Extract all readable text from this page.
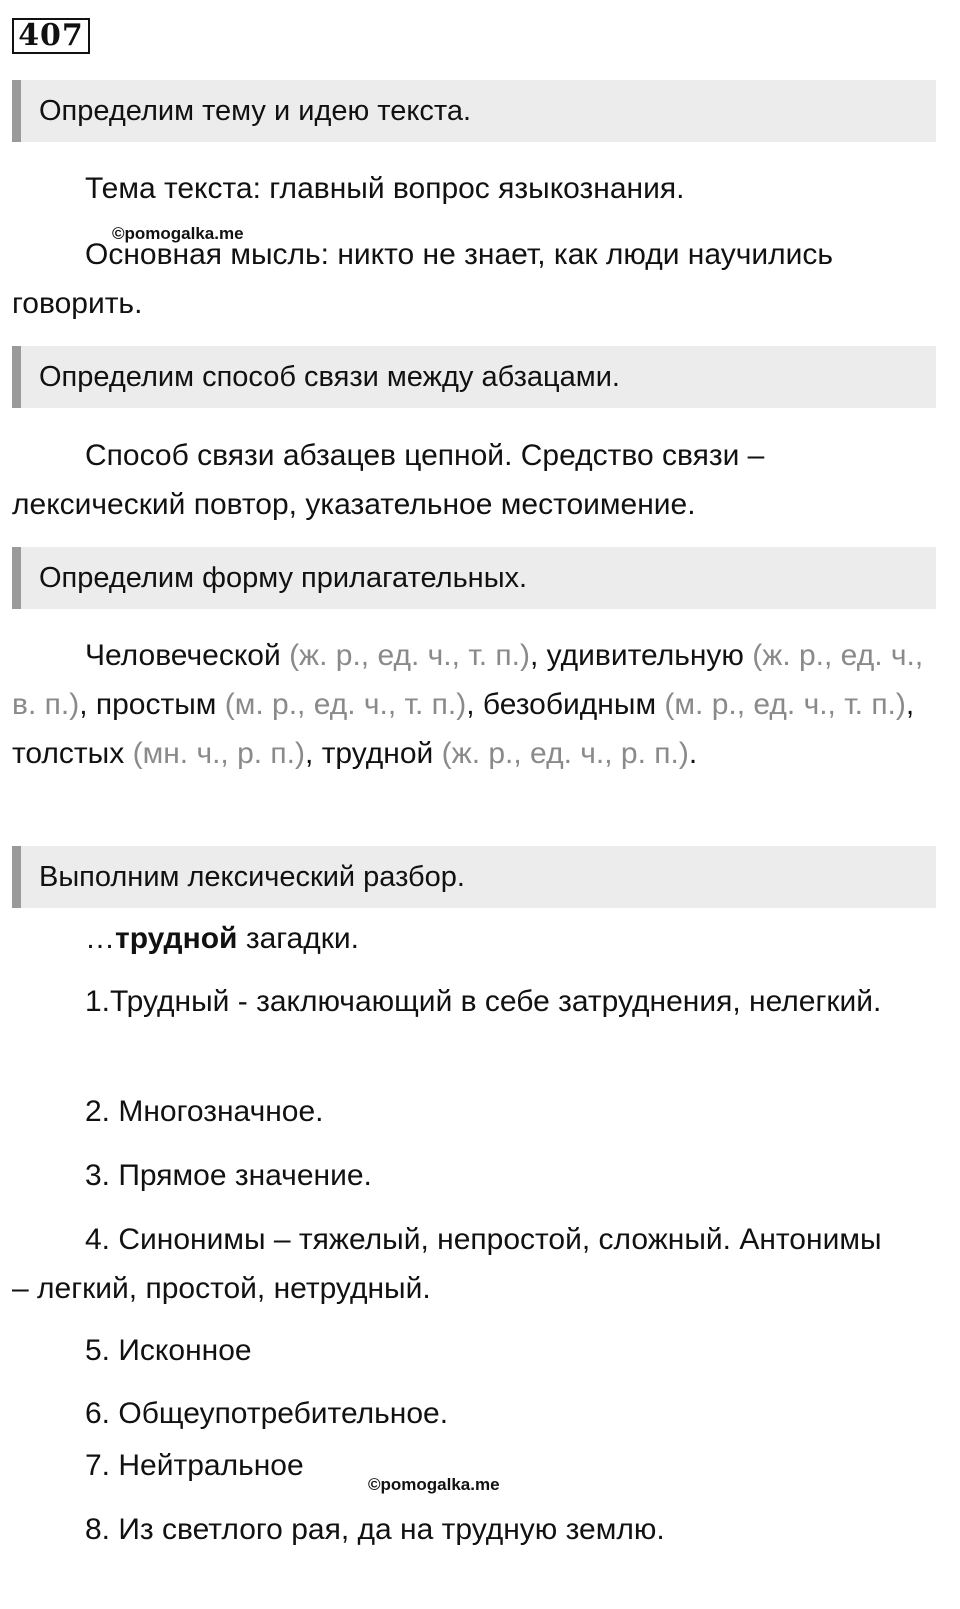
407
Определим тему и идею текста.

Тема текста: главный вопрос языкознания.

©pomogalka.me

Основная мысль: никто не знает, как люди научились говорить.

Определим способ связи между абзацами.

Способ связи абзацев цепной. Средство связи – лексический повтор, указательное местоимение.

Определим форму прилагательных.

Человеческой (ж. р., ед. ч., т. п.), удивительную (ж. р., ед. ч., в. п.), простым (м. р., ед. ч., т. п.), безобидным (м. р., ед. ч., т. п.), толстых (мн. ч., р. п.), трудной (ж. р., ед. ч., р. п.).

Выполним лексический разбор.

…трудной загадки.

1.Трудный - заключающий в себе затруднения, нелегкий.

2. Многозначное.

3. Прямое значение.

4. Синонимы – тяжелый, непростой, сложный. Антонимы – легкий, простой, нетрудный.

5. Исконное

6. Общеупотребительное.

7. Нейтральное

©pomogalka.me

8. Из светлого рая, да на трудную землю.
